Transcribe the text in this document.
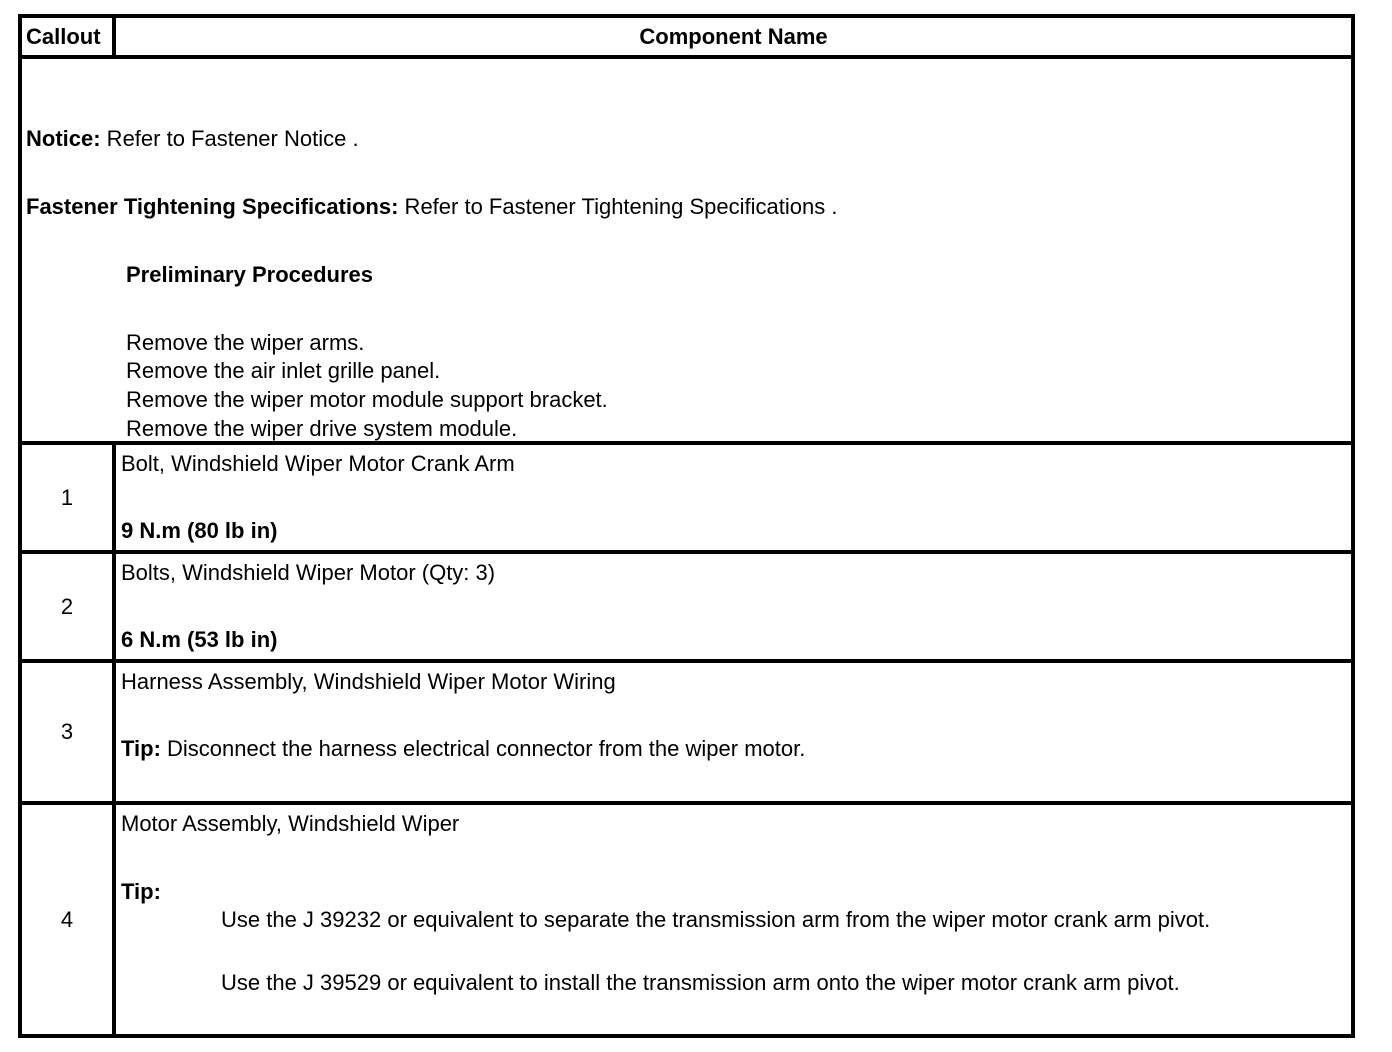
Callout	Component Name
Notice: Refer to Fastener Notice .
Fastener Tightening Specifications: Refer to Fastener Tightening Specifications .
Preliminary Procedures
Remove the wiper arms.
Remove the air inlet grille panel.
Remove the wiper motor module support bracket.
Remove the wiper drive system module.
1
Bolt, Windshield Wiper Motor Crank Arm
9 N.m (80 lb in)
2
Bolts, Windshield Wiper Motor (Qty: 3)
6 N.m (53 lb in)
3
Harness Assembly, Windshield Wiper Motor Wiring
Tip: Disconnect the harness electrical connector from the wiper motor.
4
Motor Assembly, Windshield Wiper
Tip:
Use the J 39232 or equivalent to separate the transmission arm from the wiper motor crank arm pivot.
Use the J 39529 or equivalent to install the transmission arm onto the wiper motor crank arm pivot.
